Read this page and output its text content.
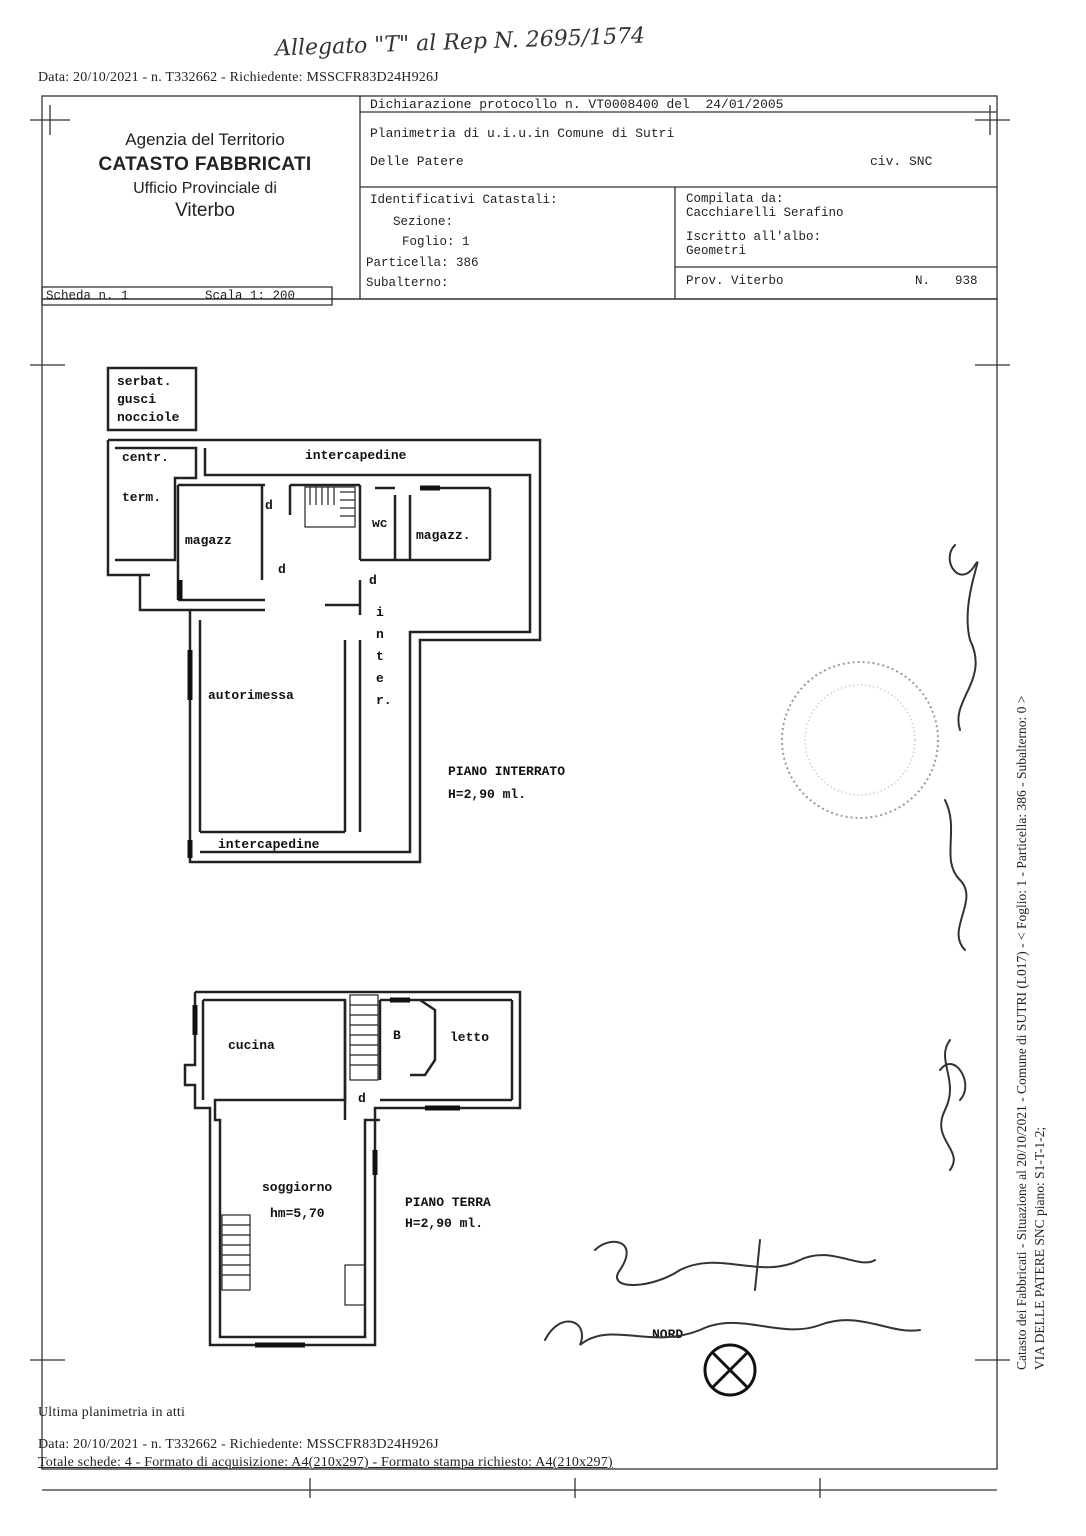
Allegato "T" al Rep N. 2695/1574
Data: 20/10/2021 - n. T332662 - Richiedente: MSSCFR83D24H926J
Agenzia del Territorio
CATASTO FABBRICATI
Ufficio Provinciale di
Viterbo
Dichiarazione protocollo n. VT0008400 del  24/01/2005
Planimetria di u.i.u.in Comune di Sutri
Delle Patere	civ. SNC
Identificativi Catastali:
Sezione:
Foglio: 1
Particella: 386
Subalterno:
Compilata da:
Cacchiarelli Serafino
Iscritto all'albo:
Geometri
Prov. Viterbo	N. 938
Scheda n. 1	Scala 1: 200
serbat.
gusci
nocciole
centr.
term.
intercapedine
magazz
d
d
d
wc
magazz.
i
n
t
e
r.
autorimessa
intercapedine
PIANO INTERRATO
H=2,90 ml.
cucina
B	letto
d
soggiorno
hm=5,70
PIANO TERRA
H=2,90 ml.
NORD
Ultima planimetria in atti
Data: 20/10/2021 - n. T332662 - Richiedente: MSSCFR83D24H926J
Totale schede: 4 - Formato di acquisizione: A4(210x297) - Formato stampa richiesto: A4(210x297)
Catasto dei Fabbricati - Situazione al 20/10/2021 - Comune di SUTRI (L017) - < Foglio: 1 - Particella: 386 - Subalterno: 0 > VIA DELLE PATERE SNC piano: S1-T-1-2;
